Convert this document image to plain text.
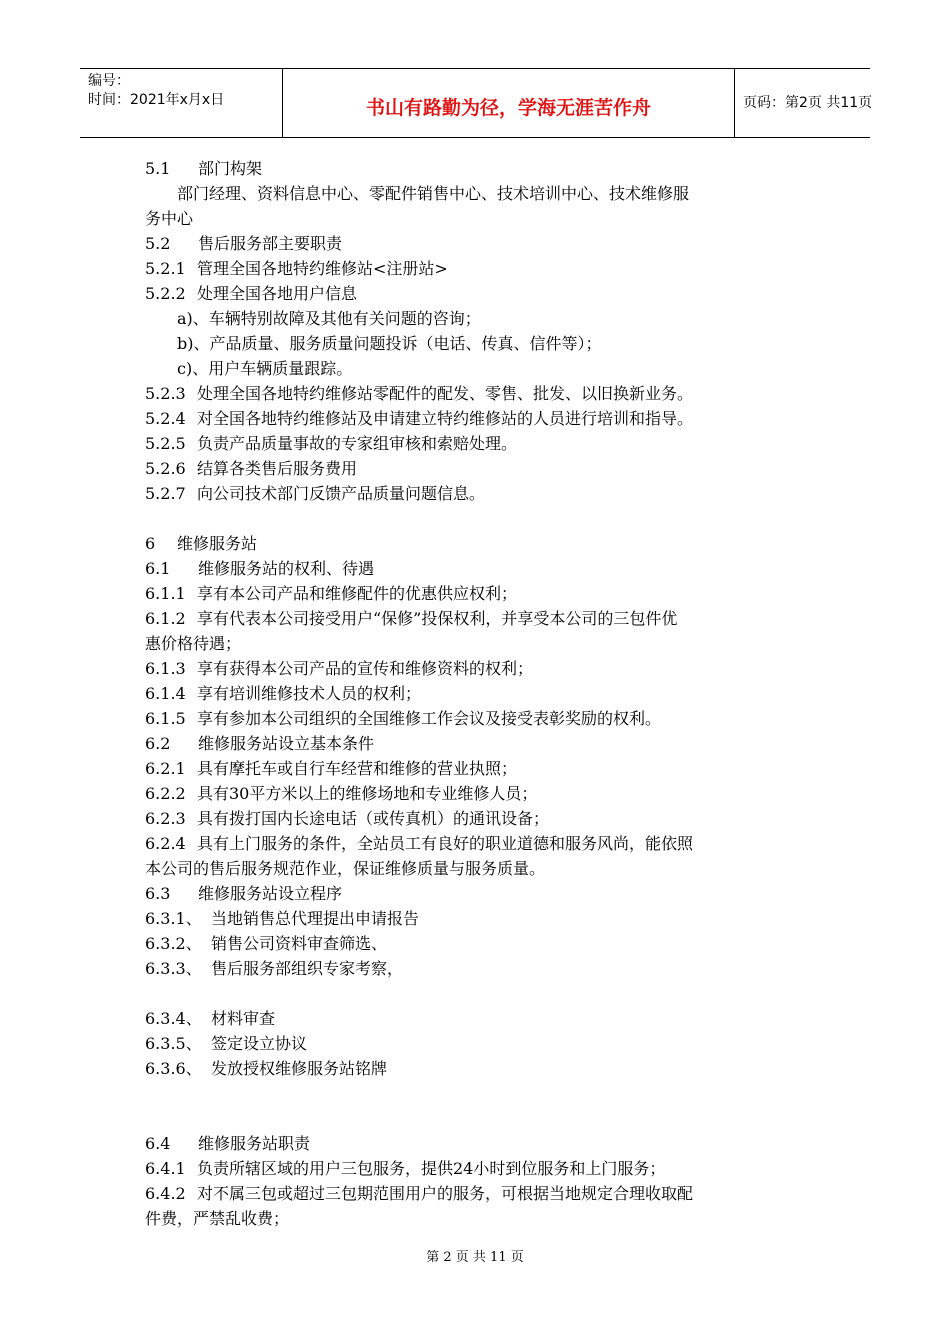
编号：
时间：2021年x月x日	书山有路勤为径，学海无涯苦作舟	页码：第2页 共11页
5.1 部门构架
部门经理、资料信息中心、零配件销售中心、技术培训中心、技术维修服
务中心
5.2 售后服务部主要职责
5.2.1 管理全国各地特约维修站<注册站>
5.2.2 处理全国各地用户信息
a)、车辆特别故障及其他有关问题的咨询；
b)、产品质量、服务质量问题投诉（电话、传真、信件等）；
c)、用户车辆质量跟踪。
5.2.3 处理全国各地特约维修站零配件的配发、零售、批发、以旧换新业务。
5.2.4 对全国各地特约维修站及申请建立特约维修站的人员进行培训和指导。
5.2.5 负责产品质量事故的专家组审核和索赔处理。
5.2.6 结算各类售后服务费用
5.2.7 向公司技术部门反馈产品质量问题信息。
6 维修服务站
6.1 维修服务站的权利、待遇
6.1.1 享有本公司产品和维修配件的优惠供应权利；
6.1.2 享有代表本公司接受用户“保修”投保权利，并享受本公司的三包件优
惠价格待遇；
6.1.3 享有获得本公司产品的宣传和维修资料的权利；
6.1.4 享有培训维修技术人员的权利；
6.1.5 享有参加本公司组织的全国维修工作会议及接受表彰奖励的权利。
6.2 维修服务站设立基本条件
6.2.1 具有摩托车或自行车经营和维修的营业执照；
6.2.2 具有30平方米以上的维修场地和专业维修人员；
6.2.3 具有拨打国内长途电话（或传真机）的通讯设备；
6.2.4 具有上门服务的条件，全站员工有良好的职业道德和服务风尚，能依照
本公司的售后服务规范作业，保证维修质量与服务质量。
6.3 维修服务站设立程序
6.3.1、 当地销售总代理提出申请报告
6.3.2、 销售公司资料审查筛选、
6.3.3、 售后服务部组织专家考察，
6.3.4、 材料审查
6.3.5、 签定设立协议
6.3.6、 发放授权维修服务站铭牌
6.4 维修服务站职责
6.4.1 负责所辖区域的用户三包服务，提供24小时到位服务和上门服务；
6.4.2 对不属三包或超过三包期范围用户的服务，可根据当地规定合理收取配
件费，严禁乱收费；
第 2 页 共 11 页
